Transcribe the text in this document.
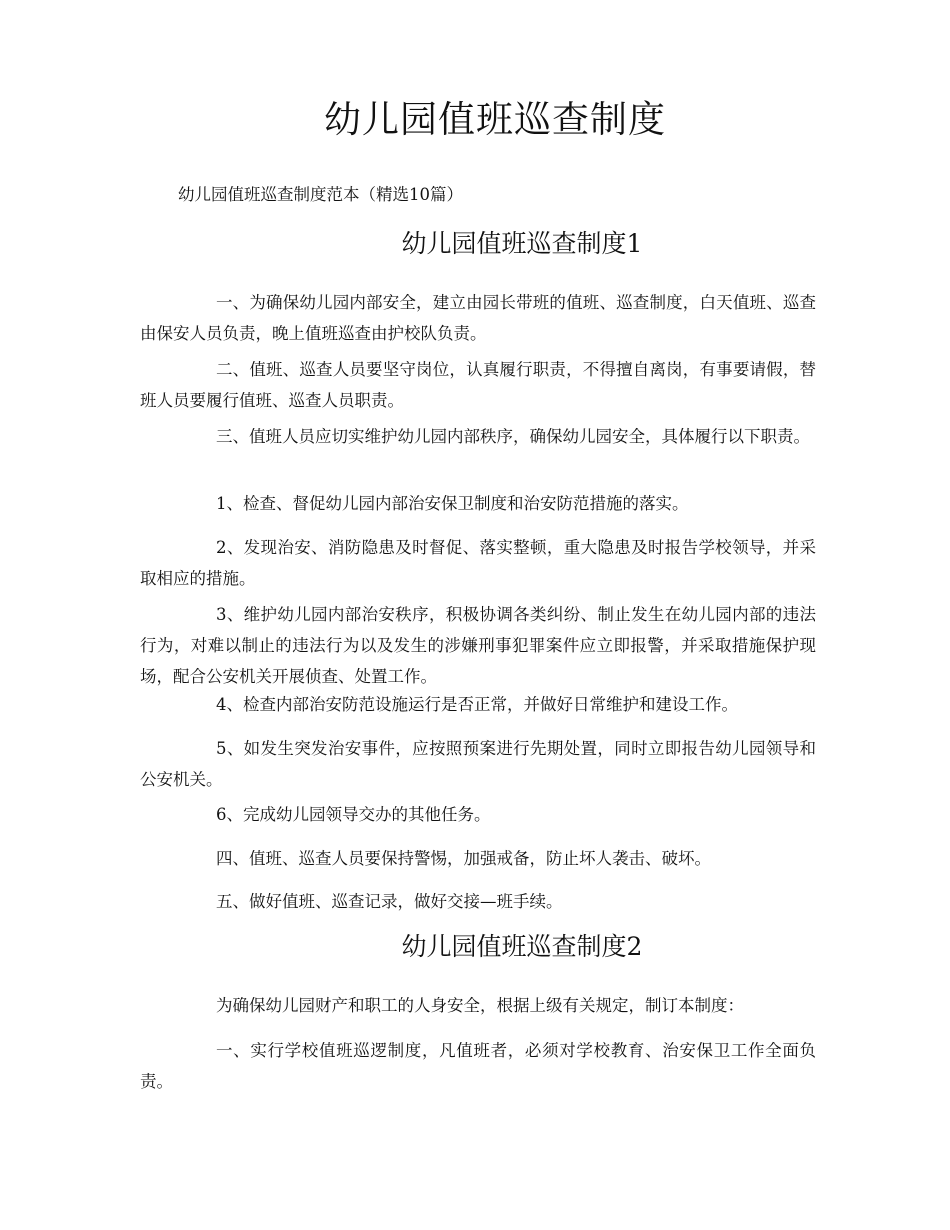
幼儿园值班巡查制度

幼儿园值班巡查制度范本（精选10篇）

幼儿园值班巡查制度1

一、为确保幼儿园内部安全，建立由园长带班的值班、巡查制度，白天值班、巡查由保安人员负责，晚上值班巡查由护校队负责。

二、值班、巡查人员要坚守岗位，认真履行职责，不得擅自离岗，有事要请假，替班人员要履行值班、巡查人员职责。

三、值班人员应切实维护幼儿园内部秩序，确保幼儿园安全，具体履行以下职责。

1、检查、督促幼儿园内部治安保卫制度和治安防范措施的落实。

2、发现治安、消防隐患及时督促、落实整顿，重大隐患及时报告学校领导，并采取相应的措施。

3、维护幼儿园内部治安秩序，积极协调各类纠纷、制止发生在幼儿园内部的违法行为，对难以制止的违法行为以及发生的涉嫌刑事犯罪案件应立即报警，并采取措施保护现场，配合公安机关开展侦查、处置工作。

4、检查内部治安防范设施运行是否正常，并做好日常维护和建设工作。

5、如发生突发治安事件，应按照预案进行先期处置，同时立即报告幼儿园领导和公安机关。

6、完成幼儿园领导交办的其他任务。

四、值班、巡查人员要保持警惕，加强戒备，防止坏人袭击、破坏。

五、做好值班、巡查记录，做好交接—班手续。

幼儿园值班巡查制度2

为确保幼儿园财产和职工的人身安全，根据上级有关规定，制订本制度：

一、实行学校值班巡逻制度，凡值班者，必须对学校教育、治安保卫工作全面负责。
